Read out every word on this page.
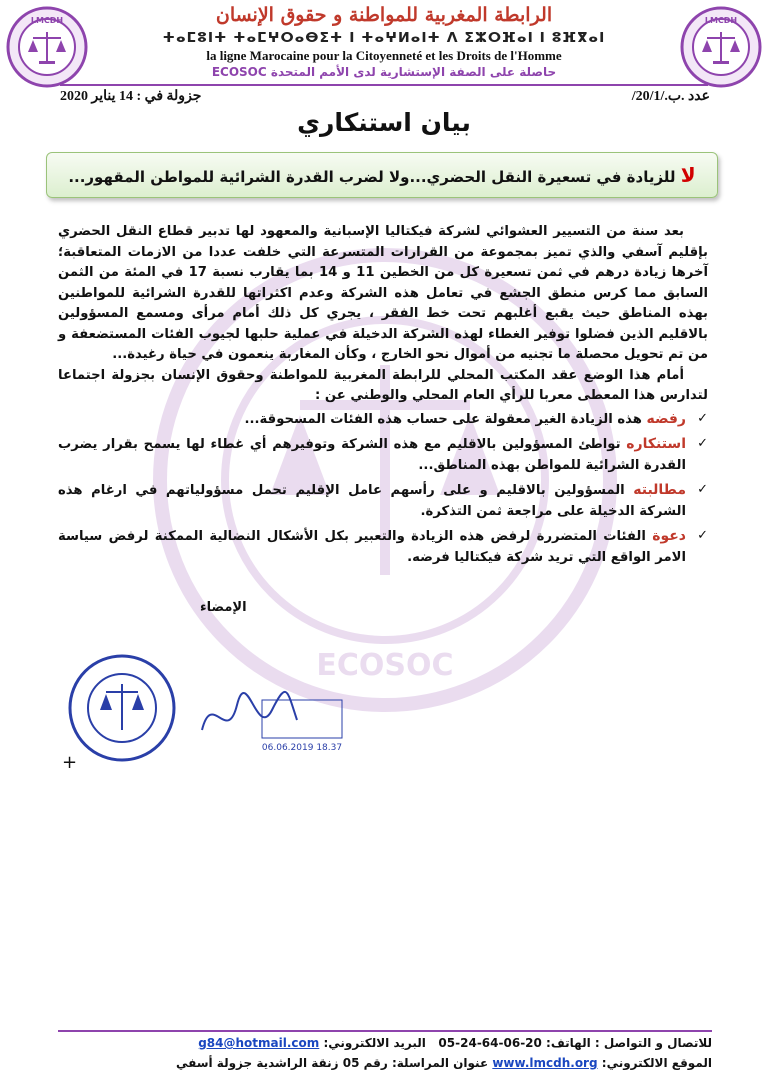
LMCDH	LMCDH
الرابطة المغربية للمواطنة و حقوق الإنسان
ⵜⴰⵎⵓⵏⵜ ⵜⴰⵎⵖⵔⴰⴱⵉⵜ ⵏ ⵜⴰⵖⵍⴰⵏⵜ ⴷ ⵉⵣⵔⴼⴰⵏ ⵏ ⵓⴼⴳⴰⵏ
la ligne Marocaine pour la Citoyenneté et les Droits de l'Homme
حاصلة على الصفة الإستشارية لدى الأمم المتحدة ECOSOC
عدد .ب./20/1/
جزولة في : 14 يناير 2020
بيان استنكاري
لا للزيادة في تسعيرة النقل الحضري...ولا لضرب القدرة الشرائية للمواطن المقهور...
ECOSOC

بعد سنة من التسيير العشوائي لشركة فيكتاليا الإسبانية والمعهود لها تدبير قطاع النقل الحضري بإقليم آسفي والذي تميز بمجموعة من القرارات المتسرعة التي خلفت عددا من الازمات المتعاقبة؛ آخرها زيادة درهم في ثمن تسعيرة كل من الخطين 11 و 14 بما يقارب نسبة 17 في المئة من الثمن السابق مما كرس منطق الجشع في تعامل هذه الشركة وعدم اكثراتها للقدرة الشرائية للمواطنين بهذه المناطق حيث يقبع أغلبهم تحت خط الفقر ، يجري كل ذلك أمام مرأى ومسمع المسؤولين بالاقليم الذين فضلوا توفير الغطاء لهذه الشركة الدخيلة في عملية حلبها لجيوب الفئات المستضعفة و من تم تحويل محصلة ما تجنيه من أموال نحو الخارج ، وكأن المغاربة ينعمون في حياة رغيدة...

أمام هذا الوضع عقد المكتب المحلي للرابطة المغربية للمواطنة وحقوق الإنسان بجزولة اجتماعا لتدارس هذا المعطى معربا للرأي العام المحلي والوطني عن :

✓
رفضه هذه الزيادة الغير معقولة على حساب هذه الفئات المسحوقة...
✓
استنكاره تواطئ المسؤولين بالاقليم مع هذه الشركة وتوفيرهم أي غطاء لها يسمح بقرار يضرب القدرة الشرائية للمواطن بهذه المناطق...
✓
مطالبته المسؤولين بالاقليم و على رأسهم عامل الإقليم تحمل مسؤولياتهم في ارغام هذه الشركة الدخيلة على مراجعة ثمن التذكرة.
✓
دعوة الفئات المتضررة لرفض هذه الزيادة والتعبير بكل الأشكال النضالية الممكنة لرفض سياسة الامر الواقع التي تريد شركة فيكتاليا فرضه.
الإمضاء
06.06.2019 18.37
+
للاتصال و التواصل : الهاتف: 20-06-64-24-05   البريد الالكتروني: g84@hotmail.com
الموقع الالكتروني: www.lmcdh.org عنوان المراسلة: رقم 05 زنقة الراشدية جزولة أسفي
